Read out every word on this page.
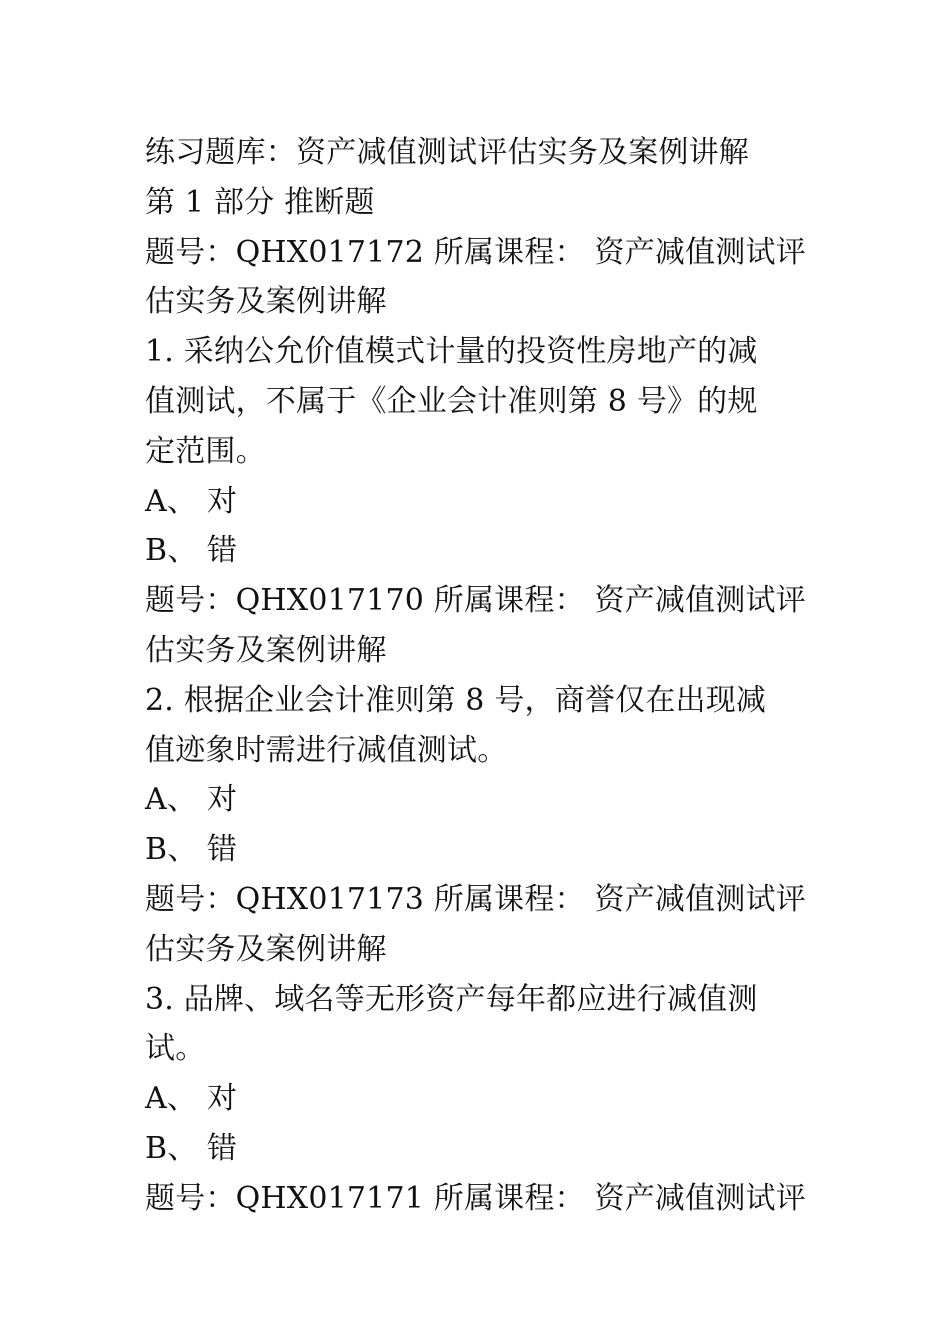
练习题库：资产减值测试评估实务及案例讲解
第 1 部分 推断题
题号：QHX017172 所属课程： 资产减值测试评
估实务及案例讲解
1. 采纳公允价值模式计量的投资性房地产的减
值测试，不属于《企业会计准则第 8 号》的规
定范围。
A、 对
B、 错
题号：QHX017170 所属课程： 资产减值测试评
估实务及案例讲解
2. 根据企业会计准则第 8 号，商誉仅在出现减
值迹象时需进行减值测试。
A、 对
B、 错
题号：QHX017173 所属课程： 资产减值测试评
估实务及案例讲解
3. 品牌、域名等无形资产每年都应进行减值测
试。
A、 对
B、 错
题号：QHX017171 所属课程： 资产减值测试评
